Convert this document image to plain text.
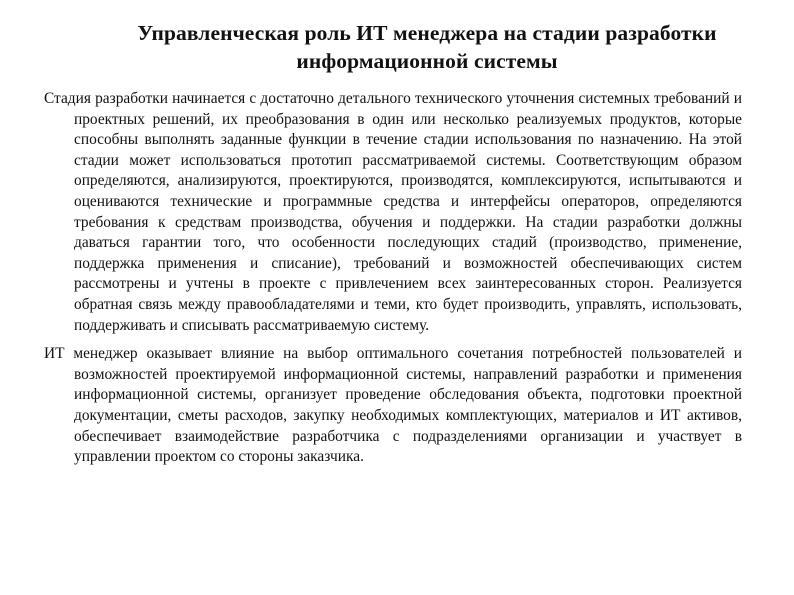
Управленческая роль ИТ менеджера на стадии разработки
информационной системы

Стадия разработки начинается с достаточно детального технического уточнения системных требований и проектных решений, их преобразования в один или несколько реализуемых продуктов, которые способны выполнять заданные функции в течение стадии использования по назначению. На этой стадии может использоваться прототип рассматриваемой системы. Соответствующим образом определяются, анализируются, проектируются, производятся, комплексируются, испытываются и оцениваются технические и программные средства и интерфейсы операторов, определяются требования к средствам производства, обучения и поддержки. На стадии разработки должны даваться гарантии того, что особенности последующих стадий (производство, применение, поддержка применения и списание), требований и возможностей обеспечивающих систем рассмотрены и учтены в проекте с привлечением всех заинтересованных сторон. Реализуется обратная связь между правообладателями и теми, кто будет производить, управлять, использовать, поддерживать и списывать рассматриваемую систему.

ИТ менеджер оказывает влияние на выбор оптимального сочетания потребностей пользователей и возможностей проектируемой информационной системы, направлений разработки и применения информационной системы, организует проведение обследования объекта, подготовки проектной документации, сметы расходов, закупку необходимых комплектующих, материалов и ИТ активов, обеспечивает взаимодействие разработчика с подразделениями организации и участвует в управлении проектом со стороны заказчика.
